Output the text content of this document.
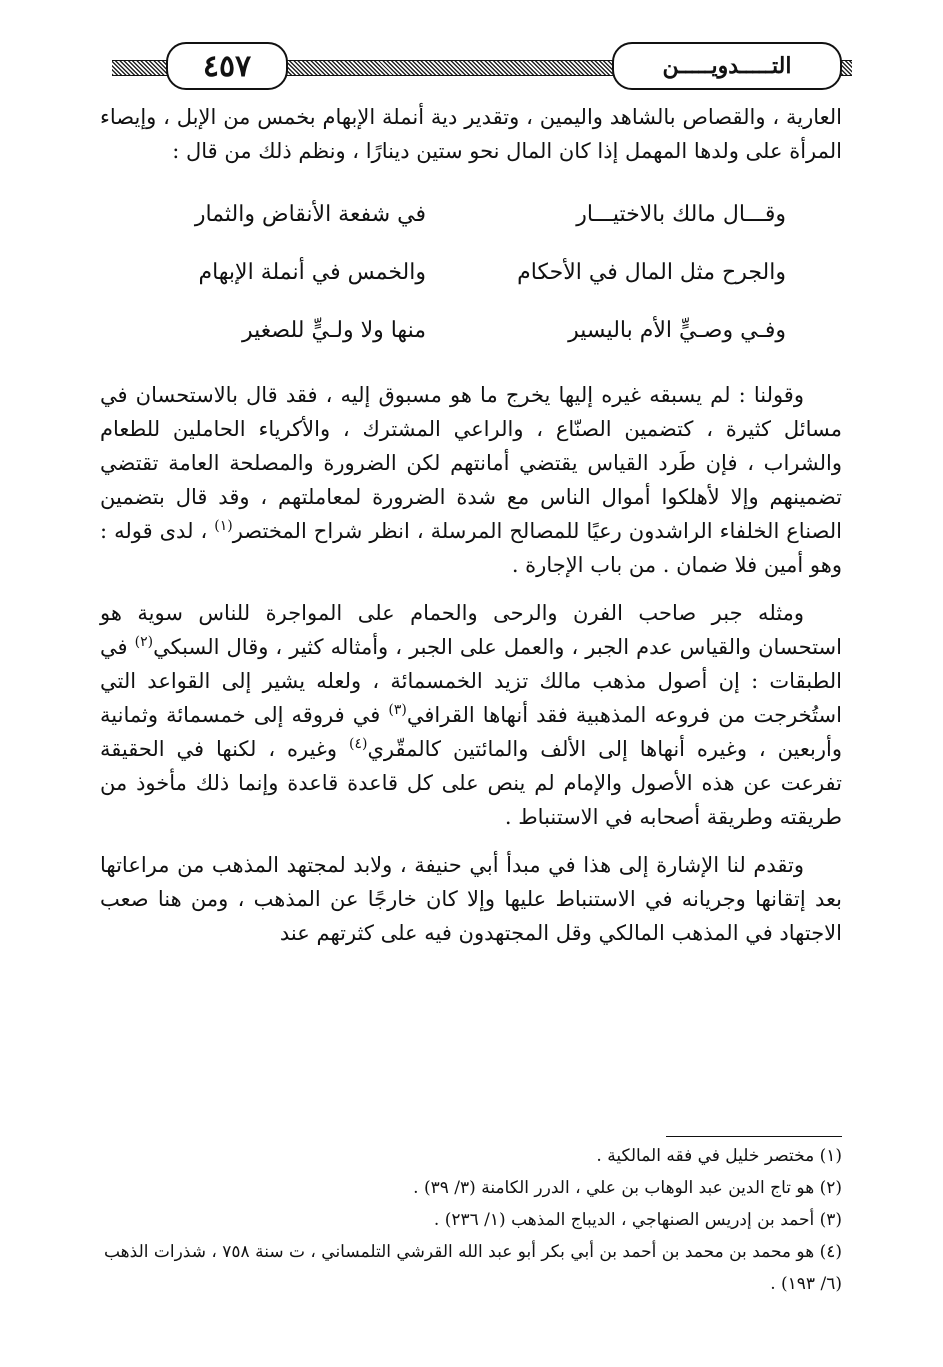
٤٥٧	التـــــدويـــــن

العارية ، والقصاص بالشاهد واليمين ، وتقدير دية أنملة الإبهام بخمس من الإبل ، وإيصاء المرأة على ولدها المهمل إذا كان المال نحو ستين دينارًا ، ونظم ذلك من قال :

وقـــال مالك بالاختيـــار
في شفعة الأنقاض والثمار
والجرح مثل المال في الأحكام
والخمس في أنملة الإبهام
وفـي وصـيٍّ الأم باليسير
منها ولا ولـيٍّ للصغير

وقولنا : لم يسبقه غيره إليها يخرج ما هو مسبوق إليه ، فقد قال بالاستحسان في مسائل كثيرة ، كتضمين الصنّاع ، والراعي المشترك ، والأكرياء الحاملين للطعام والشراب ، فإن طَرد القياس يقتضي أمانتهم لكن الضرورة والمصلحة العامة تقتضي تضمينهم وإلا لأهلكوا أموال الناس مع شدة الضرورة لمعاملتهم ، وقد قال بتضمين الصناع الخلفاء الراشدون رعيًا للمصالح المرسلة ، انظر شراح المختصر$^{(١)}$ ، لدى قوله : وهو أمين فلا ضمان . من باب الإجارة .

ومثله جبر صاحب الفرن والرحى والحمام على المواجرة للناس سوية هو استحسان والقياس عدم الجبر ، والعمل على الجبر ، وأمثاله كثير ، وقال السبكي$^{(٢)}$ في الطبقات : إن أصول مذهب مالك تزيد الخمسمائة ، ولعله يشير إلى القواعد التي استُخرجت من فروعه المذهبية فقد أنهاها القرافي$^{(٣)}$ في فروقه إلى خمسمائة وثمانية وأربعين ، وغيره أنهاها إلى الألف والمائتين كالمقّري$^{(٤)}$ وغيره ، لكنها في الحقيقة تفرعت عن هذه الأصول والإمام لم ينص على كل قاعدة قاعدة وإنما ذلك مأخوذ من طريقته وطريقة أصحابه في الاستنباط .

وتقدم لنا الإشارة إلى هذا في مبدأ أبي حنيفة ، ولابد لمجتهد المذهب من مراعاتها بعد إتقانها وجريانه في الاستنباط عليها وإلا كان خارجًا عن المذهب ، ومن هنا صعب الاجتهاد في المذهب المالكي وقل المجتهدون فيه على كثرتهم عند

(١) مختصر خليل في فقه المالكية .

(٢) هو تاج الدين عبد الوهاب بن علي ، الدرر الكامنة (٣/ ٣٩) .

(٣) أحمد بن إدريس الصنهاجي ، الديباج المذهب (١/ ٢٣٦) .

(٤) هو محمد بن محمد بن أحمد بن أبي بكر أبو عبد الله القرشي التلمساني ، ت سنة ٧٥٨ ، شذرات الذهب (٦/ ١٩٣) .
